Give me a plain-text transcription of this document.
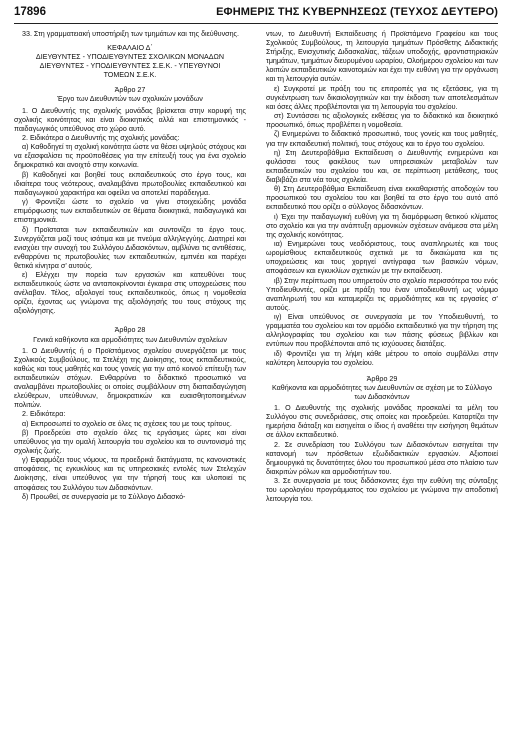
17896	ΕΦΗΜΕΡΙΣ ΤΗΣ ΚΥΒΕΡΝΗΣΕΩΣ (ΤΕΥΧΟΣ ΔΕΥΤΕΡΟ)

33. Στη γραμματειακή υποστήριξη των τμημάτων και της διεύθυνσης.

ΚΕΦΑΛΑΙΟ Δ΄
ΔΙΕΥΘΥΝΤΕΣ - ΥΠΟΔΙΕΥΘΥΝΤΕΣ ΣΧΟΛΙΚΩΝ ΜΟΝΑΔΩΝ
ΔΙΕΥΘΥΝΤΕΣ - ΥΠΟΔΙΕΥΘΥΝΤΕΣ Σ.Ε.Κ. - ΥΠΕΥΘΥΝΟΙ
ΤΟΜΕΩΝ Σ.Ε.Κ.
Άρθρο 27
Έργο των Διευθυντών των σχολικών μονάδων

1. Ο Διευθυντής της σχολικής μονάδας βρίσκεται στην κορυφή της σχολικής κοινότητας και είναι διοικητικός αλλά και επιστημονικός - παιδαγωγικός υπεύθυνος στο χώρο αυτό.

2. Ειδικότερα ο Διευθυντής της σχολικής μονάδας:

α) Καθοδηγεί τη σχολική κοινότητα ώστε να θέσει υψηλούς στόχους και να εξασφαλίσει τις προϋποθέσεις για την επίτευξή τους για ένα σχολείο δημοκρατικό και ανοιχτό στην κοινωνία.

β) Καθοδηγεί και βοηθεί τους εκπαιδευτικούς στο έργο τους, και ιδιαίτερα τους νεότερους, αναλαμβάνει πρωτοβουλίες εκπαιδευτικού και παιδαγωγικού χαρακτήρα και οφείλει να αποτελεί παράδειγμα.

γ) Φροντίζει ώστε το σχολείο να γίνει στοιχειώδης μονάδα επιμόρφωσης των εκπαιδευτικών σε θέματα διοικητικά, παιδαγωγικά και επιστημονικά.

δ) Προϊσταται των εκπαιδευτικών και συντονίζει το έργο τους. Συνεργάζεται μαζί τους ισότιμα και με πνεύμα αλληλεγγύης. Διατηρεί και ενισχύει την συνοχή του Συλλόγου Διδασκόντων, αμβλύνει τις αντιθέσεις, ενθαρρύνει τις πρωτοβουλίες των εκπαιδευτικών, εμπνέει και παρέχει θετικά κίνητρα σ’ αυτούς.

ε) Ελέγχει την πορεία των εργασιών και κατευθύνει τους εκπαιδευτικούς ώστε να ανταποκρίνονται έγκαιρα στις υποχρεώσεις που ανέλαβαν. Τέλος, αξιολογεί τους εκπαιδευτικούς, όπως η νομοθεσία ορίζει, έχοντας ως γνώμονα της αξιολόγησής του τους στόχους της αξιολόγησης.

Άρθρο 28
Γενικά καθήκοντα και αρμοδιότητες των Διευθυντών σχολείων

1. Ο Διευθυντής ή ο Προϊστάμενος σχολείου συνεργάζεται με τους Σχολικούς Συμβούλους, τα Στελέχη της Διοίκησης, τους εκπαιδευτικούς, καθώς και τους μαθητές και τους γονείς για την από κοινού επίτευξη των εκπαιδευτικών στόχων. Ενθαρρύνει το διδακτικό προσωπικό να αναλαμβάνει πρωτοβουλίες οι οποίες συμβάλλουν στη διαπαιδαγώγηση ελεύθερων, υπεύθυνων, δημοκρατικών και ευαισθητοποιημένων πολιτών.

2. Ειδικότερα:

α) Εκπροσωπεί το σχολείο σε όλες τις σχέσεις του με τους τρίτους.

β) Προεδρεύει στο σχολείο όλες τις εργάσιμες ώρες και είναι υπεύθυνος για την ομαλή λειτουργία του σχολείου και το συντονισμό της σχολικής ζωής.

γ) Εφαρμόζει τους νόμους, τα προεδρικά διατάγματα, τις κανονιστικές αποφάσεις, τις εγκυκλίους και τις υπηρεσιακές εντολές των Στελεχών Διοίκησης, είναι υπεύθυνος για την τήρησή τους και υλοποιεί τις αποφάσεις του Συλλόγου των Διδασκόντων.

δ) Προωθεί, σε συνεργασία με το Σύλλογο Διδασκό-

ντων, το Διευθυντή Εκπαίδευσης ή Προϊστάμενο Γραφείου και τους Σχολικούς Συμβούλους, τη λειτουργία τμημάτων Πρόσθετης Διδακτικής Στήριξης, Ενισχυτικής Διδασκαλίας, τάξεων υποδοχής, φροντιστηριακών τμημάτων, τμημάτων διευρυμένου ωραρίου, Ολοήμερου σχολείου και των λοιπών εκπαιδευτικών καινοτομιών και έχει την ευθύνη για την οργάνωση και τη λειτουργία αυτών.

ε) Συγκροτεί με πράξη του τις επιτροπές για τις εξετάσεις, για τη συγκέντρωση των δικαιολογητικών και την έκδοση των αποτελεσμάτων και όσες άλλες προβλέπονται για τη λειτουργία του σχολείου.

στ) Συντάσσει τις αξιολογικές εκθέσεις για το διδακτικό και διοικητικό προσωπικό, όπως προβλέπει η νομοθεσία.

ζ) Ενημερώνει το διδακτικό προσωπικό, τους γονείς και τους μαθητές, για την εκπαιδευτική πολιτική, τους στόχους και το έργο του σχολείου.

η) Στη Δευτεροβάθμια Εκπαίδευση ο Διευθυντής ενημερώνει και φυλάσσει τους φακέλους των υπηρεσιακών μεταβολών των εκπαιδευτικών του σχολείου του και, σε περίπτωση μετάθεσης, τους διαβιβάζει στα νέα τους σχολεία.

θ) Στη Δευτεροβάθμια Εκπαίδευση είναι εκκαθαριστής αποδοχών του προσωπικού του σχολείου του και βοηθεί τα στο έργο του αυτό από εκπαιδευτικό που ορίζει ο σύλλογος διδασκόντων.

ι) Έχει την παιδαγωγική ευθύνη για τη διαμόρφωση θετικού κλίματος στο σχολείο και για την ανάπτυξη αρμονικών σχέσεων ανάμεσα στα μέλη της σχολικής κοινότητας.

ια) Ενημερώνει τους νεοδιόριστους, τους αναπληρωτές και τους ωρομίσθιους εκπαιδευτικούς σχετικά με τα δικαιώματα και τις υποχρεώσεις και τους χορηγεί αντίγραφα των βασικών νόμων, αποφάσεων και εγκυκλίων σχετικών με την εκπαίδευση.

ιβ) Στην περίπτωση που υπηρετούν στο σχολείο περισσότερα του ενός Υποδιευθυντές, ορίζει με πράξη του έναν υποδιευθυντή ως νόμιμο αναπληρωτή του και καταμερίζει τις αρμοδιότητες και τις εργασίες σ’ αυτούς.

ιγ) Είναι υπεύθυνος σε συνεργασία με τον Υποδιευθυντή, το γραμματέα του σχολείου και τον αρμόδιο εκπαιδευτικό για την τήρηση της αλληλογραφίας του σχολείου και των πάσης φύσεως βιβλίων και εντύπων που προβλέπονται από τις ισχύουσες διατάξεις.

ιδ) Φροντίζει για τη λήψη κάθε μέτρου το οποίο συμβάλλει στην καλύτερη λειτουργία του σχολείου.

Άρθρο 29
Καθήκοντα και αρμοδιότητες των Διευθυντών σε σχέση με το Σύλλογο των Διδασκόντων

1. Ο Διευθυντής της σχολικής μονάδας προσκαλεί τα μέλη του Συλλόγου στις συνεδριάσεις, στις οποίες και προεδρεύει. Καταρτίζει την ημερήσια διάταξη και εισηγείται ο ίδιος ή αναθέτει την εισήγηση θεμάτων σε άλλον εκπαιδευτικό.

2. Σε συνεδρίαση του Συλλόγου των Διδασκόντων εισηγείται την κατανομή των πρόσθετων εξωδιδακτικών εργασιών. Αξιοποιεί δημιουργικά τις δυνατότητες όλου του προσωπικού μέσα στο πλαίσιο των διακριτών ρόλων και αρμοδιοτήτων του.

3. Σε συνεργασία με τους διδάσκοντες έχει την ευθύνη της σύνταξης του ωρολογίου προγράμματος του σχολείου με γνώμονα την αποδοτική λειτουργία του.
